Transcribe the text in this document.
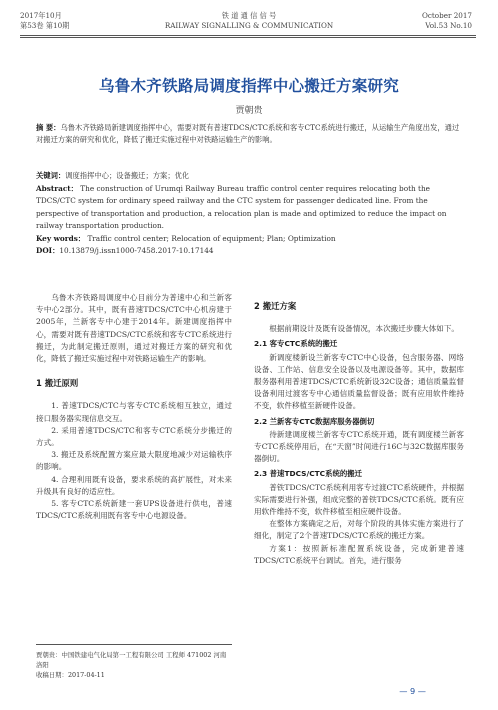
2017年10月
第53卷 第10期
铁 道 通 信 信 号
RAILWAY SIGNALLING & COMMUNICATION
October 2017
Vol.53 No.10
乌鲁木齐铁路局调度指挥中心搬迁方案研究
贾朝贵
摘 要：乌鲁木齐铁路局新建调度指挥中心，需要对既有普速TDCS/CTC系统和客专CTC系统进行搬迁，从运输生产角度出发，通过对搬迁方案的研究和优化，降低了搬迁实施过程中对铁路运输生产的影响。
关键词：调度指挥中心；设备搬迁；方案；优化
Abstract： The construction of Urumqi Railway Bureau traffic control center requires relocating both the TDCS/CTC system for ordinary speed railway and the CTC system for passenger dedicated line. From the perspective of transportation and production, a relocation plan is made and optimized to reduce the impact on railway transportation production.
Key words： Traffic control center; Relocation of equipment; Plan; Optimization
DOI：10.13879/j.issn1000-7458.2017-10.17144

乌鲁木齐铁路局调度中心目前分为普速中心和兰新客专中心2部分。其中，既有普速TDCS/CTC中心机房建于2005年，兰新客专中心建于2014年。新建调度指挥中心，需要对既有普速TDCS/CTC系统和客专CTC系统进行搬迁，为此制定搬迁原则，通过对搬迁方案的研究和优化，降低了搬迁实施过程中对铁路运输生产的影响。

1 搬迁原则

1. 普速TDCS/CTC与客专CTC系统相互独立，通过接口服务器实现信息交互。

2. 采用普速TDCS/CTC和客专CTC系统分步搬迁的方式。

3. 搬迁及系统配置方案应最大限度地减少对运输秩序的影响。

4. 合理利用既有设备，要求系统的高扩展性，对未来升级具有良好的适应性。

5. 客专CTC系统新建一套UPS设备进行供电，普速TDCS/CTC系统利用既有客专中心电源设备。

贾朝贵：中国铁建电气化局第一工程有限公司 工程师 471002 河南洛阳
收稿日期：2017-04-11
2 搬迁方案

根据前期设计及既有设备情况，本次搬迁步骤大体如下。

2.1 客专CTC系统的搬迁

新调度楼新设兰新客专CTC中心设备，包含服务器、网络设备、工作站、信息安全设备以及电源设备等。其中，数据库服务器利用普速TDCS/CTC系统新设32C设备；通信质量监督设备利用过渡客专中心通信质量监督设备；既有应用软件维持不变，软件移植至新硬件设备。

2.2 兰新客专CTC数据库服务器倒切

待新建调度楼兰新客专CTC系统开通，既有调度楼兰新客专CTC系统停用后，在“天窗”时间进行16C与32C数据库服务器倒切。

2.3 普速TDCS/CTC系统的搬迁

普铁TDCS/CTC系统利用客专过渡CTC系统硬件，并根据实际需要进行补强，组成完整的普铁TDCS/CTC系统。既有应用软件维持不变，软件移植至相应硬件设备。

在整体方案确定之后，对每个阶段的具体实施方案进行了细化，制定了2个普速TDCS/CTC系统的搬迁方案。

方案1：按照新标准配置系统设备，完成新建普速TDCS/CTC系统平台调试。首先，进行服务

— 9 —
